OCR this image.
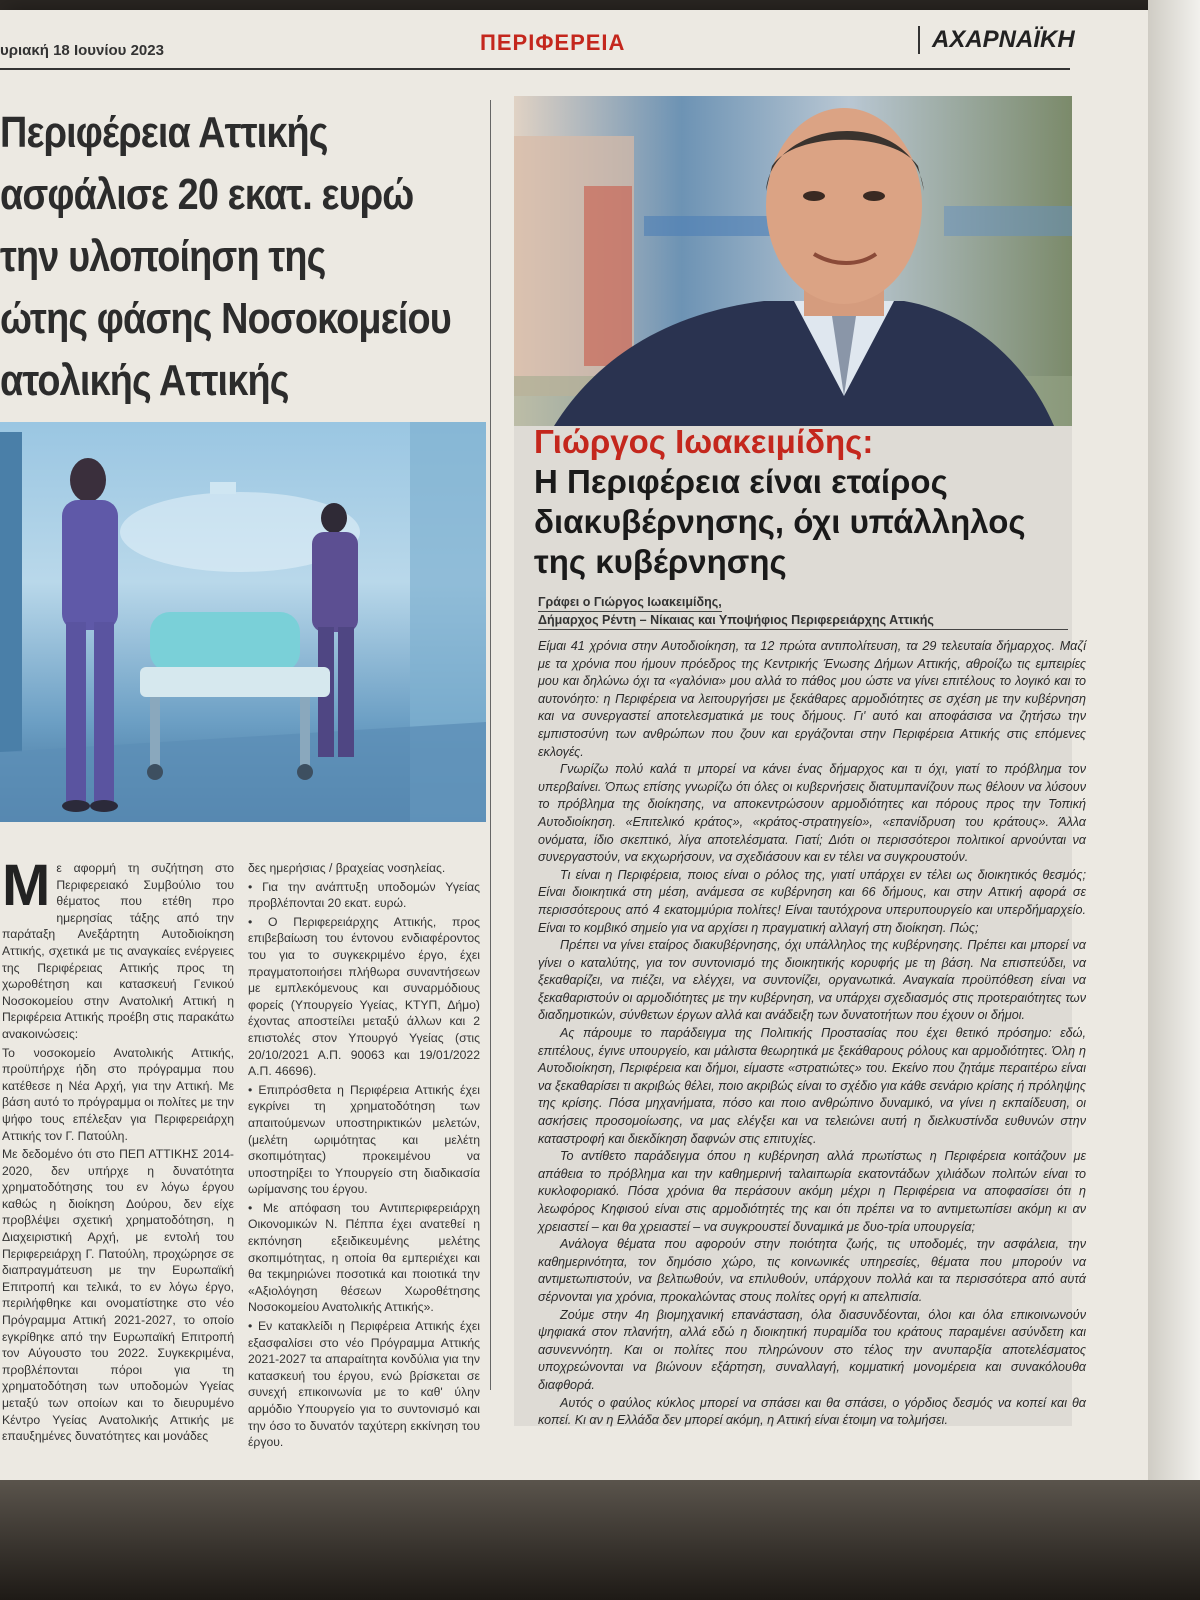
υριακή 18 Ιουνίου 2023	ΠΕΡΙΦΕΡΕΙΑ	ΑΧΑΡΝΑΪΚΗ
Περιφέρεια Αττικής
ασφάλισε 20 εκατ. ευρώ
την υλοποίηση της
ώτης φάσης Νοσοκομείου
ατολικής Αττικής

Με αφορμή τη συζήτηση στο Περιφερειακό Συμβούλιο του θέματος που ετέθη προ ημερησίας τάξης από την παράταξη Ανεξάρτητη Αυτοδιοίκηση Αττικής, σχετικά με τις αναγκαίες ενέργειες της Περιφέρειας Αττικής προς τη χωροθέτηση και κατασκευή Γενικού Νοσοκομείου στην Ανατολική Αττική η Περιφέρεια Αττικής προέβη στις παρακάτω ανακοινώσεις:

Το νοσοκομείο Ανατολικής Αττικής, προϋπήρχε ήδη στο πρόγραμμα που κατέθεσε η Νέα Αρχή, για την Αττική. Με βάση αυτό το πρόγραμμα οι πολίτες με την ψήφο τους επέλεξαν για Περιφερειάρχη Αττικής τον Γ. Πατούλη.

Με δεδομένο ότι στο ΠΕΠ ΑΤΤΙΚΗΣ 2014-2020, δεν υπήρχε η δυνατότητα χρηματοδότησης του εν λόγω έργου καθώς η διοίκηση Δούρου, δεν είχε προβλέψει σχετική χρηματοδότηση, η Διαχειριστική Αρχή, με εντολή του Περιφερειάρχη Γ. Πατούλη, προχώρησε σε διαπραγμάτευση με την Ευρωπαϊκή Επιτροπή και τελικά, το εν λόγω έργο, περιλήφθηκε και ονοματίστηκε στο νέο Πρόγραμμα Αττική 2021-2027, το οποίο εγκρίθηκε από την Ευρωπαϊκή Επιτροπή τον Αύγουστο του 2022. Συγκεκριμένα, προβλέπονται πόροι για τη χρηματοδότηση των υποδομών Υγείας μεταξύ των οποίων και το διευρυμένο Κέντρο Υγείας Ανατολικής Αττικής με επαυξημένες δυνατότητες και μονάδες

δες ημερήσιας / βραχείας νοσηλείας.

• Για την ανάπτυξη υποδομών Υγείας προβλέπονται 20 εκατ. ευρώ.

• Ο Περιφερειάρχης Αττικής, προς επιβεβαίωση του έντονου ενδιαφέροντος του για το συγκεκριμένο έργο, έχει πραγματοποιήσει πλήθωρα συναντήσεων με εμπλεκόμενους και συναρμόδιους φορείς (Υπουργείο Υγείας, ΚΤΥΠ, Δήμο) έχοντας αποστείλει μεταξύ άλλων και 2 επιστολές στον Υπουργό Υγείας (στις 20/10/2021 Α.Π. 90063 και 19/01/2022 Α.Π. 46696).

• Επιπρόσθετα η Περιφέρεια Αττικής έχει εγκρίνει τη χρηματοδότηση των απαιτούμενων υποστηρικτικών μελετών, (μελέτη ωριμότητας και μελέτη σκοπιμότητας) προκειμένου να υποστηρίξει το Υπουργείο στη διαδικασία ωρίμανσης του έργου.

• Με απόφαση του Αντιπεριφερειάρχη Οικονομικών Ν. Πέππα έχει ανατεθεί η εκπόνηση εξειδικευμένης μελέτης σκοπιμότητας, η οποία θα εμπεριέχει και θα τεκμηριώνει ποσοτικά και ποιοτικά την «Αξιολόγηση θέσεων Χωροθέτησης Νοσοκομείου Ανατολικής Αττικής».

• Εν κατακλείδι η Περιφέρεια Αττικής έχει εξασφαλίσει στο νέο Πρόγραμμα Αττικής 2021-2027 τα απαραίτητα κονδύλια για την κατασκευή του έργου, ενώ βρίσκεται σε συνεχή επικοινωνία με το καθ' ύλην αρμόδιο Υπουργείο για το συντονισμό και την όσο το δυνατόν ταχύτερη εκκίνηση του έργου.

Γιώργος Ιωακειμίδης:
Η Περιφέρεια είναι εταίρος
διακυβέρνησης, όχι υπάλληλος
της κυβέρνησης
Γράφει ο Γιώργος Ιωακειμίδης,
Δήμαρχος Ρέντη – Νίκαιας και Υποψήφιος Περιφερειάρχης Αττικής

Είμαι 41 χρόνια στην Αυτοδιοίκηση, τα 12 πρώτα αντιπολίτευση, τα 29 τελευταία δήμαρχος. Μαζί με τα χρόνια που ήμουν πρόεδρος της Κεντρικής Ένωσης Δήμων Αττικής, αθροίζω τις εμπειρίες μου και δηλώνω όχι τα «γαλόνια» μου αλλά το πάθος μου ώστε να γίνει επιτέλους το λογικό και το αυτονόητο: η Περιφέρεια να λειτουργήσει με ξεκάθαρες αρμοδιότητες σε σχέση με την κυβέρνηση και να συνεργαστεί αποτελεσματικά με τους δήμους. Γι' αυτό και αποφάσισα να ζητήσω την εμπιστοσύνη των ανθρώπων που ζουν και εργάζονται στην Περιφέρεια Αττικής στις επόμενες εκλογές.

Γνωρίζω πολύ καλά τι μπορεί να κάνει ένας δήμαρχος και τι όχι, γιατί το πρόβλημα τον υπερβαίνει. Όπως επίσης γνωρίζω ότι όλες οι κυβερνήσεις διατυμπανίζουν πως θέλουν να λύσουν το πρόβλημα της διοίκησης, να αποκεντρώσουν αρμοδιότητες και πόρους προς την Τοπική Αυτοδιοίκηση. «Επιτελικό κράτος», «κράτος-στρατηγείο», «επανίδρυση του κράτους». Άλλα ονόματα, ίδιο σκεπτικό, λίγα αποτελέσματα. Γιατί; Διότι οι περισσότεροι πολιτικοί αρνούνται να συνεργαστούν, να εκχωρήσουν, να σχεδιάσουν και εν τέλει να συγκρουστούν.

Τι είναι η Περιφέρεια, ποιος είναι ο ρόλος της, γιατί υπάρχει εν τέλει ως διοικητικός θεσμός; Είναι διοικητικά στη μέση, ανάμεσα σε κυβέρνηση και 66 δήμους, και στην Αττική αφορά σε περισσότερους από 4 εκατομμύρια πολίτες! Είναι ταυτόχρονα υπερυπουργείο και υπερδήμαρχείο. Είναι το κομβικό σημείο για να αρχίσει η πραγματική αλλαγή στη διοίκηση. Πώς;

Πρέπει να γίνει εταίρος διακυβέρνησης, όχι υπάλληλος της κυβέρνησης. Πρέπει και μπορεί να γίνει ο καταλύτης, για τον συντονισμό της διοικητικής κορυφής με τη βάση. Να επισπεύδει, να ξεκαθαρίζει, να πιέζει, να ελέγχει, να συντονίζει, οργανωτικά. Αναγκαία προϋπόθεση είναι να ξεκαθαριστούν οι αρμοδιότητες με την κυβέρνηση, να υπάρχει σχεδιασμός στις προτεραιότητες των διαδημοτικών, σύνθετων έργων αλλά και ανάδειξη των δυνατοτήτων που έχουν οι δήμοι.

Ας πάρουμε το παράδειγμα της Πολιτικής Προστασίας που έχει θετικό πρόσημο: εδώ, επιτέλους, έγινε υπουργείο, και μάλιστα θεωρητικά με ξεκάθαρους ρόλους και αρμοδιότητες. Όλη η Αυτοδιοίκηση, Περιφέρεια και δήμοι, είμαστε «στρατιώτες» του. Εκείνο που ζητάμε περαιτέρω είναι να ξεκαθαρίσει τι ακριβώς θέλει, ποιο ακριβώς είναι το σχέδιο για κάθε σενάριο κρίσης ή πρόληψης της κρίσης. Πόσα μηχανήματα, πόσο και ποιο ανθρώπινο δυναμικό, να γίνει η εκπαίδευση, οι ασκήσεις προσομοίωσης, να μας ελέγξει και να τελειώνει αυτή η διελκυστίνδα ευθυνών στην καταστροφή και διεκδίκηση δαφνών στις επιτυχίες.

Το αντίθετο παράδειγμα όπου η κυβέρνηση αλλά πρωτίστως η Περιφέρεια κοιτάζουν με απάθεια το πρόβλημα και την καθημερινή ταλαιπωρία εκατοντάδων χιλιάδων πολιτών είναι το κυκλοφοριακό. Πόσα χρόνια θα περάσουν ακόμη μέχρι η Περιφέρεια να αποφασίσει ότι η λεωφόρος Κηφισού είναι στις αρμοδιότητές της και ότι πρέπει να το αντιμετωπίσει ακόμη κι αν χρειαστεί – και θα χρειαστεί – να συγκρουστεί δυναμικά με δυο-τρία υπουργεία;

Ανάλογα θέματα που αφορούν στην ποιότητα ζωής, τις υποδομές, την ασφάλεια, την καθημερινότητα, τον δημόσιο χώρο, τις κοινωνικές υπηρεσίες, θέματα που μπορούν να αντιμετωπιστούν, να βελτιωθούν, να επιλυθούν, υπάρχουν πολλά και τα περισσότερα από αυτά σέρνονται για χρόνια, προκαλώντας στους πολίτες οργή κι απελπισία.

Ζούμε στην 4η βιομηχανική επανάσταση, όλα διασυνδέονται, όλοι και όλα επικοινωνούν ψηφιακά στον πλανήτη, αλλά εδώ η διοικητική πυραμίδα του κράτους παραμένει ασύνδετη και ασυνεννόητη. Και οι πολίτες που πληρώνουν στο τέλος την ανυπαρξία αποτελέσματος υποχρεώνονται να βιώνουν εξάρτηση, συναλλαγή, κομματική μονομέρεια και συνακόλουθα διαφθορά.

Αυτός ο φαύλος κύκλος μπορεί να σπάσει και θα σπάσει, ο γόρδιος δεσμός να κοπεί και θα κοπεί. Κι αν η Ελλάδα δεν μπορεί ακόμη, η Αττική είναι έτοιμη να τολμήσει.
